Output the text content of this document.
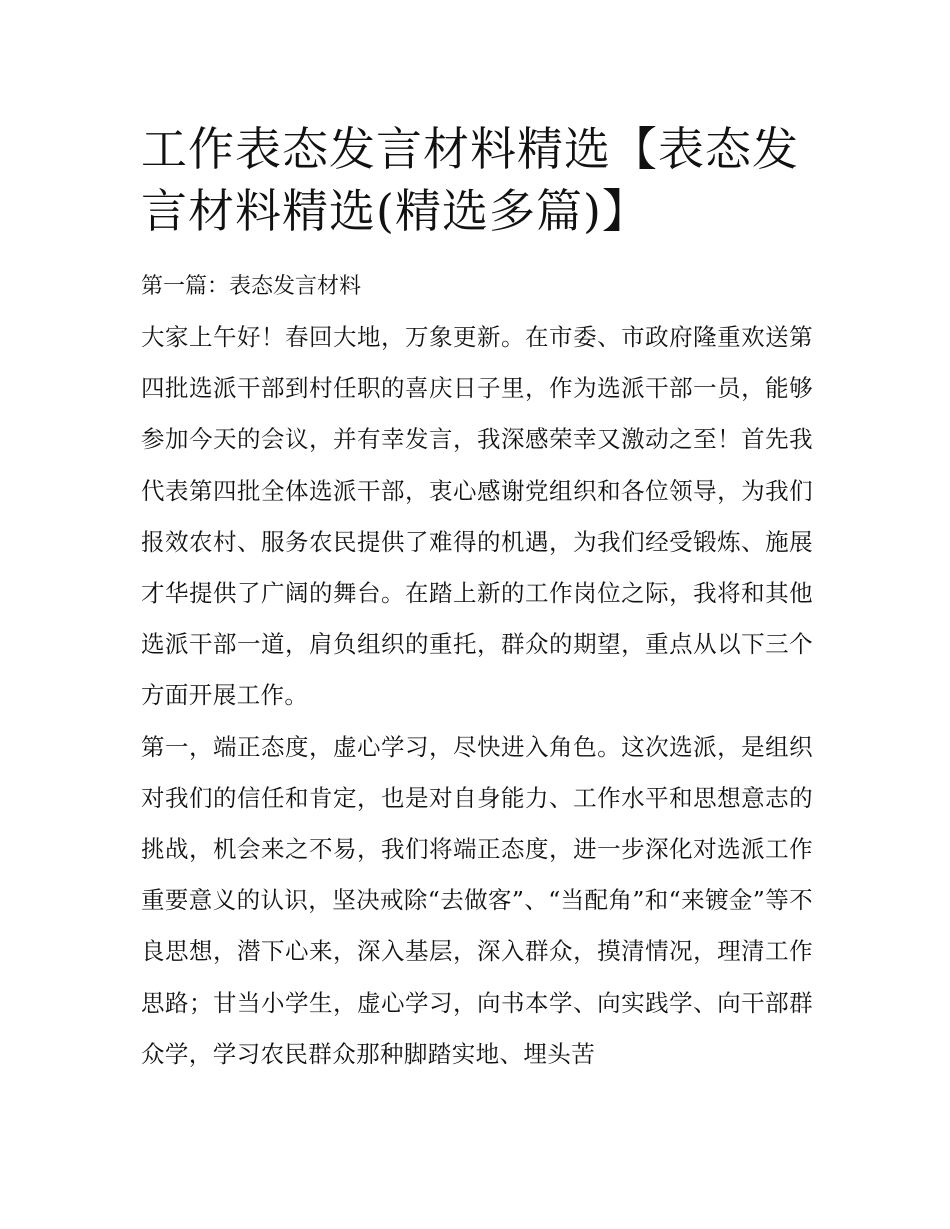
工作表态发言材料精选【表态发言材料精选(精选多篇)】
第一篇：表态发言材料

大家上午好！春回大地，万象更新。在市委、市政府隆重欢送第四批选派干部到村任职的喜庆日子里，作为选派干部一员，能够参加今天的会议，并有幸发言，我深感荣幸又激动之至！首先我代表第四批全体选派干部，衷心感谢党组织和各位领导，为我们报效农村、服务农民提供了难得的机遇，为我们经受锻炼、施展才华提供了广阔的舞台。在踏上新的工作岗位之际，我将和其他选派干部一道，肩负组织的重托，群众的期望，重点从以下三个方面开展工作。

第一，端正态度，虚心学习，尽快进入角色。这次选派，是组织对我们的信任和肯定，也是对自身能力、工作水平和思想意志的挑战，机会来之不易，我们将端正态度，进一步深化对选派工作重要意义的认识，坚决戒除“去做客”、“当配角”和“来镀金”等不良思想，潜下心来，深入基层，深入群众，摸清情况，理清工作思路；甘当小学生，虚心学习，向书本学、向实践学、向干部群众学，学习农民群众那种脚踏实地、埋头苦
